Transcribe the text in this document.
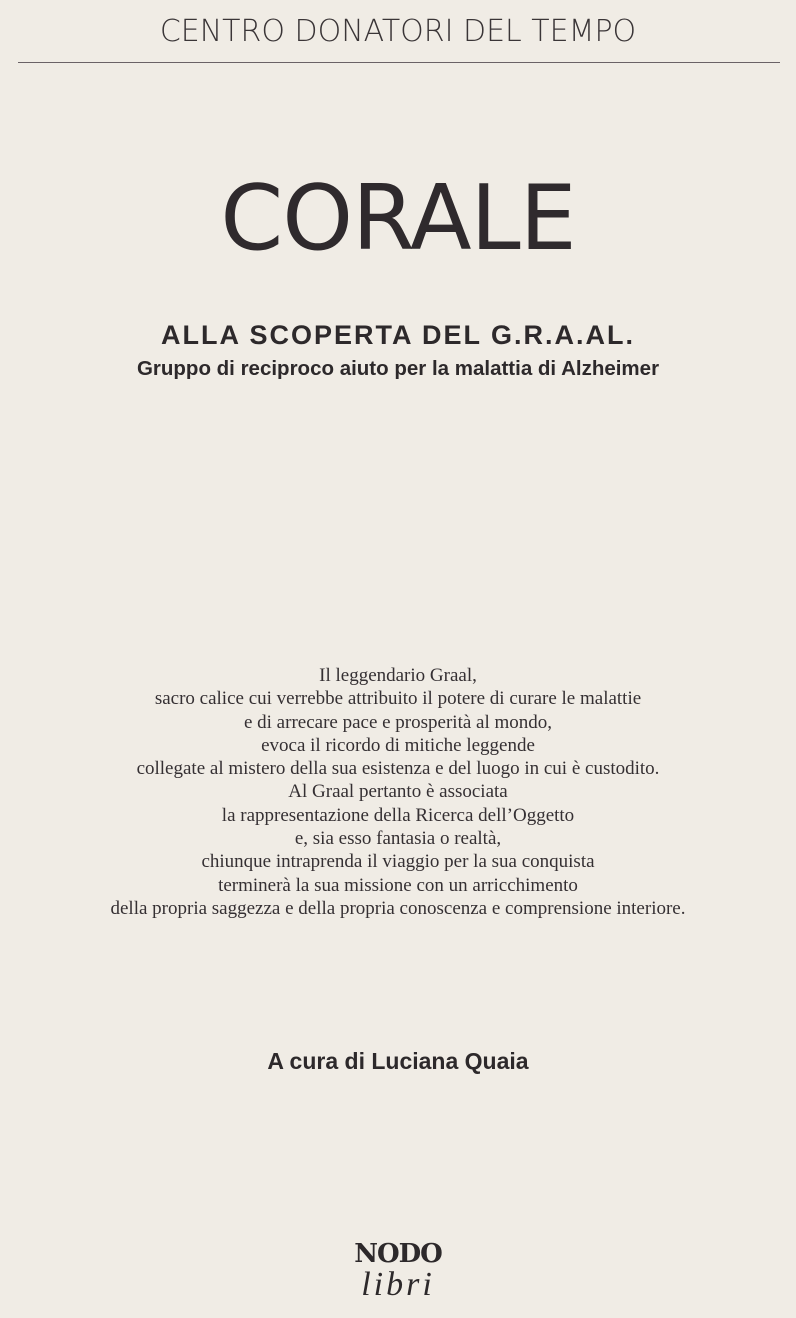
CENTRO DONATORI DEL TEMPO
CORALE
ALLA SCOPERTA DEL G.R.A.AL.
Gruppo di reciproco aiuto per la malattia di Alzheimer
Il leggendario Graal,
sacro calice cui verrebbe attribuito il potere di curare le malattie
e di arrecare pace e prosperità al mondo,
evoca il ricordo di mitiche leggende
collegate al mistero della sua esistenza e del luogo in cui è custodito.
Al Graal pertanto è associata
la rappresentazione della Ricerca dell’Oggetto
e, sia esso fantasia o realtà,
chiunque intraprenda il viaggio per la sua conquista
terminerà la sua missione con un arricchimento
della propria saggezza e della propria conoscenza e comprensione interiore.
A cura di Luciana Quaia
NODO
libri
